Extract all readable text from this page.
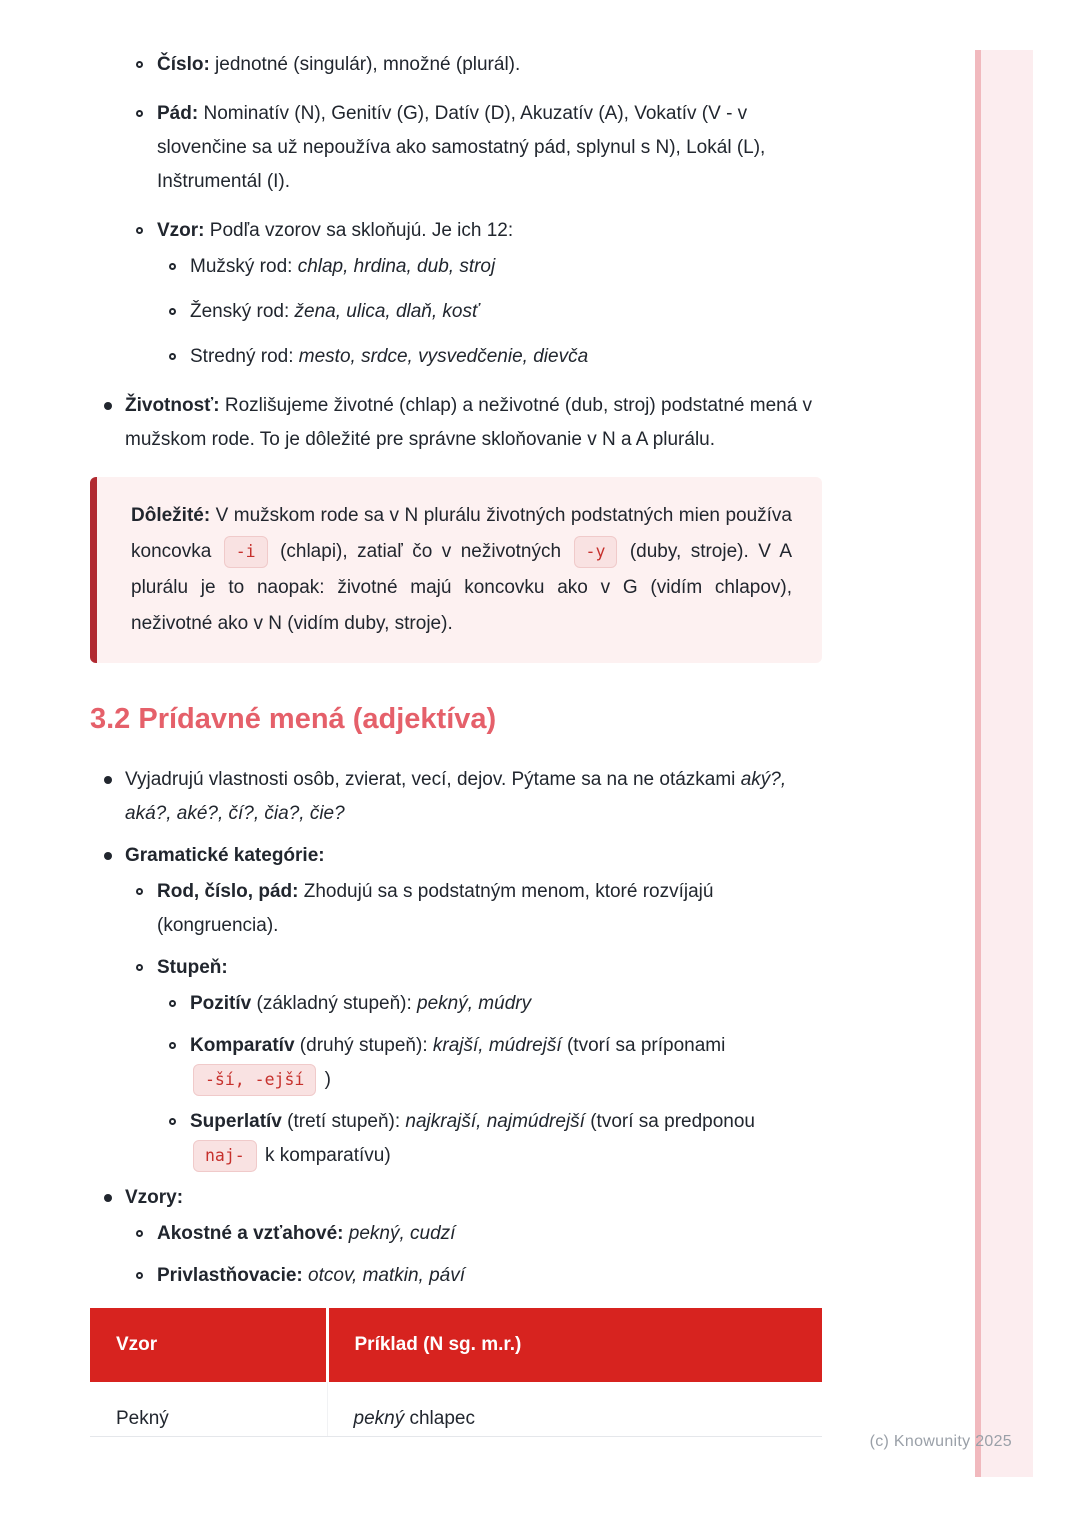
Číslo: jednotné (singulár), množné (plurál).
Pád: Nominatív (N), Genitív (G), Datív (D), Akuzatív (A), Vokatív (V - v slovenčine sa už nepoužíva ako samostatný pád, splynul s N), Lokál (L), Inštrumentál (I).
Vzor: Podľa vzorov sa skloňujú. Je ich 12:
Mužský rod: chlap, hrdina, dub, stroj
Ženský rod: žena, ulica, dlaň, kosť
Stredný rod: mesto, srdce, vysvedčenie, dievča
Životnosť: Rozlišujeme životné (chlap) a neživotné (dub, stroj) podstatné mená v mužskom rode. To je dôležité pre správne skloňovanie v N a A plurálu.

Dôležité: V mužskom rode sa v N plurálu životných podstatných mien používa koncovka -i (chlapi), zatiaľ čo v neživotných -y (duby, stroje). V A plurálu je to naopak: životné majú koncovku ako v G (vidím chlapov), neživotné ako v N (vidím duby, stroje).

3.2 Prídavné mená (adjektíva)
Vyjadrujú vlastnosti osôb, zvierat, vecí, dejov. Pýtame sa na ne otázkami aký?, aká?, aké?, čí?, čia?, čie?
Gramatické kategórie:
Rod, číslo, pád: Zhodujú sa s podstatným menom, ktoré rozvíjajú (kongruencia).
Stupeň:
Pozitív (základný stupeň): pekný, múdry
Komparatív (druhý stupeň): krajší, múdrejší (tvorí sa príponami -ší, -ejší )
Superlatív (tretí stupeň): najkrajší, najmúdrejší (tvorí sa predponou naj- k komparatívu)
Vzory:
Akostné a vzťahové: pekný, cudzí
Privlastňovacie: otcov, matkin, páví
Vzor	Príklad (N sg. m.r.)
Pekný	pekný chlapec
(c) Knowunity 2025
